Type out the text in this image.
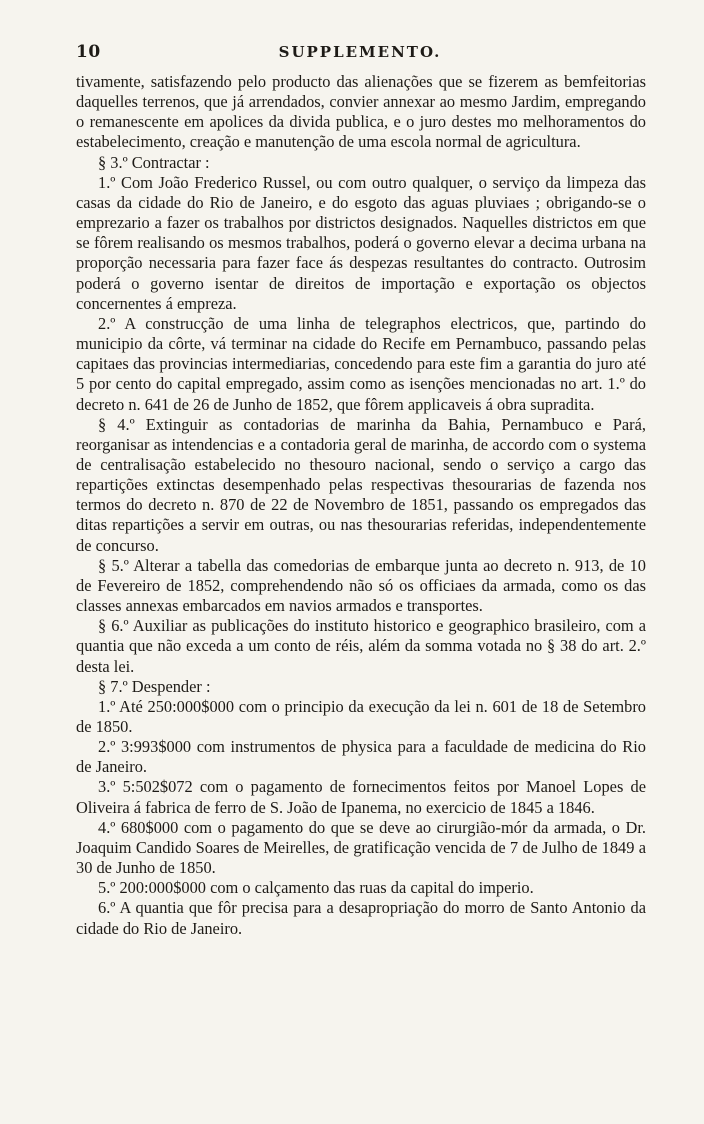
10	SUPPLEMENTO.

tivamente, satisfazendo pelo producto das alienações que se fizerem as bemfeitorias daquelles terrenos, que já arrendados, convier annexar ao mesmo Jardim, empregando o remanescente em apolices da divida publica, e o juro destes mo melhoramentos do estabelecimento, creação e manutenção de uma escola normal de agricultura.

§ 3.º Contractar :

1.º Com João Frederico Russel, ou com outro qualquer, o serviço da limpeza das casas da cidade do Rio de Janeiro, e do esgoto das aguas pluviaes ; obrigando-se o emprezario a fazer os trabalhos por districtos designados. Naquelles districtos em que se fôrem realisando os mesmos trabalhos, poderá o governo elevar a decima urbana na proporção necessaria para fazer face ás despezas resultantes do contracto. Outrosim poderá o governo isentar de direitos de importação e exportação os objectos concernentes á empreza.

2.º A construcção de uma linha de telegraphos electricos, que, partindo do municipio da côrte, vá terminar na cidade do Recife em Pernambuco, passando pelas capitaes das provincias intermediarias, concedendo para este fim a garantia do juro até 5 por cento do capital empregado, assim como as isenções mencionadas no art. 1.º do decreto n. 641 de 26 de Junho de 1852, que fôrem applicaveis á obra supradita.

§ 4.º Extinguir as contadorias de marinha da Bahia, Pernambuco e Pará, reorganisar as intendencias e a contadoria geral de marinha, de accordo com o systema de centralisação estabelecido no thesouro nacional, sendo o serviço a cargo das repartições extinctas desempenhado pelas respectivas thesourarias de fazenda nos termos do decreto n. 870 de 22 de Novembro de 1851, passando os empregados das ditas repartições a servir em outras, ou nas thesourarias referidas, independentemente de concurso.

§ 5.º Alterar a tabella das comedorias de embarque junta ao decreto n. 913, de 10 de Fevereiro de 1852, comprehendendo não só os officiaes da armada, como os das classes annexas embarcados em navios armados e transportes.

§ 6.º Auxiliar as publicações do instituto historico e geographico brasileiro, com a quantia que não exceda a um conto de réis, além da somma votada no § 38 do art. 2.º desta lei.

§ 7.º Despender :

1.º Até 250:000$000 com o principio da execução da lei n. 601 de 18 de Setembro de 1850.

2.º 3:993$000 com instrumentos de physica para a faculdade de medicina do Rio de Janeiro.

3.º 5:502$072 com o pagamento de fornecimentos feitos por Manoel Lopes de Oliveira á fabrica de ferro de S. João de Ipanema, no exercicio de 1845 a 1846.

4.º 680$000 com o pagamento do que se deve ao cirurgião-mór da armada, o Dr. Joaquim Candido Soares de Meirelles, de gratificação vencida de 7 de Julho de 1849 a 30 de Junho de 1850.

5.º 200:000$000 com o calçamento das ruas da capital do imperio.

6.º A quantia que fôr precisa para a desapropriação do morro de Santo Antonio da cidade do Rio de Janeiro.
